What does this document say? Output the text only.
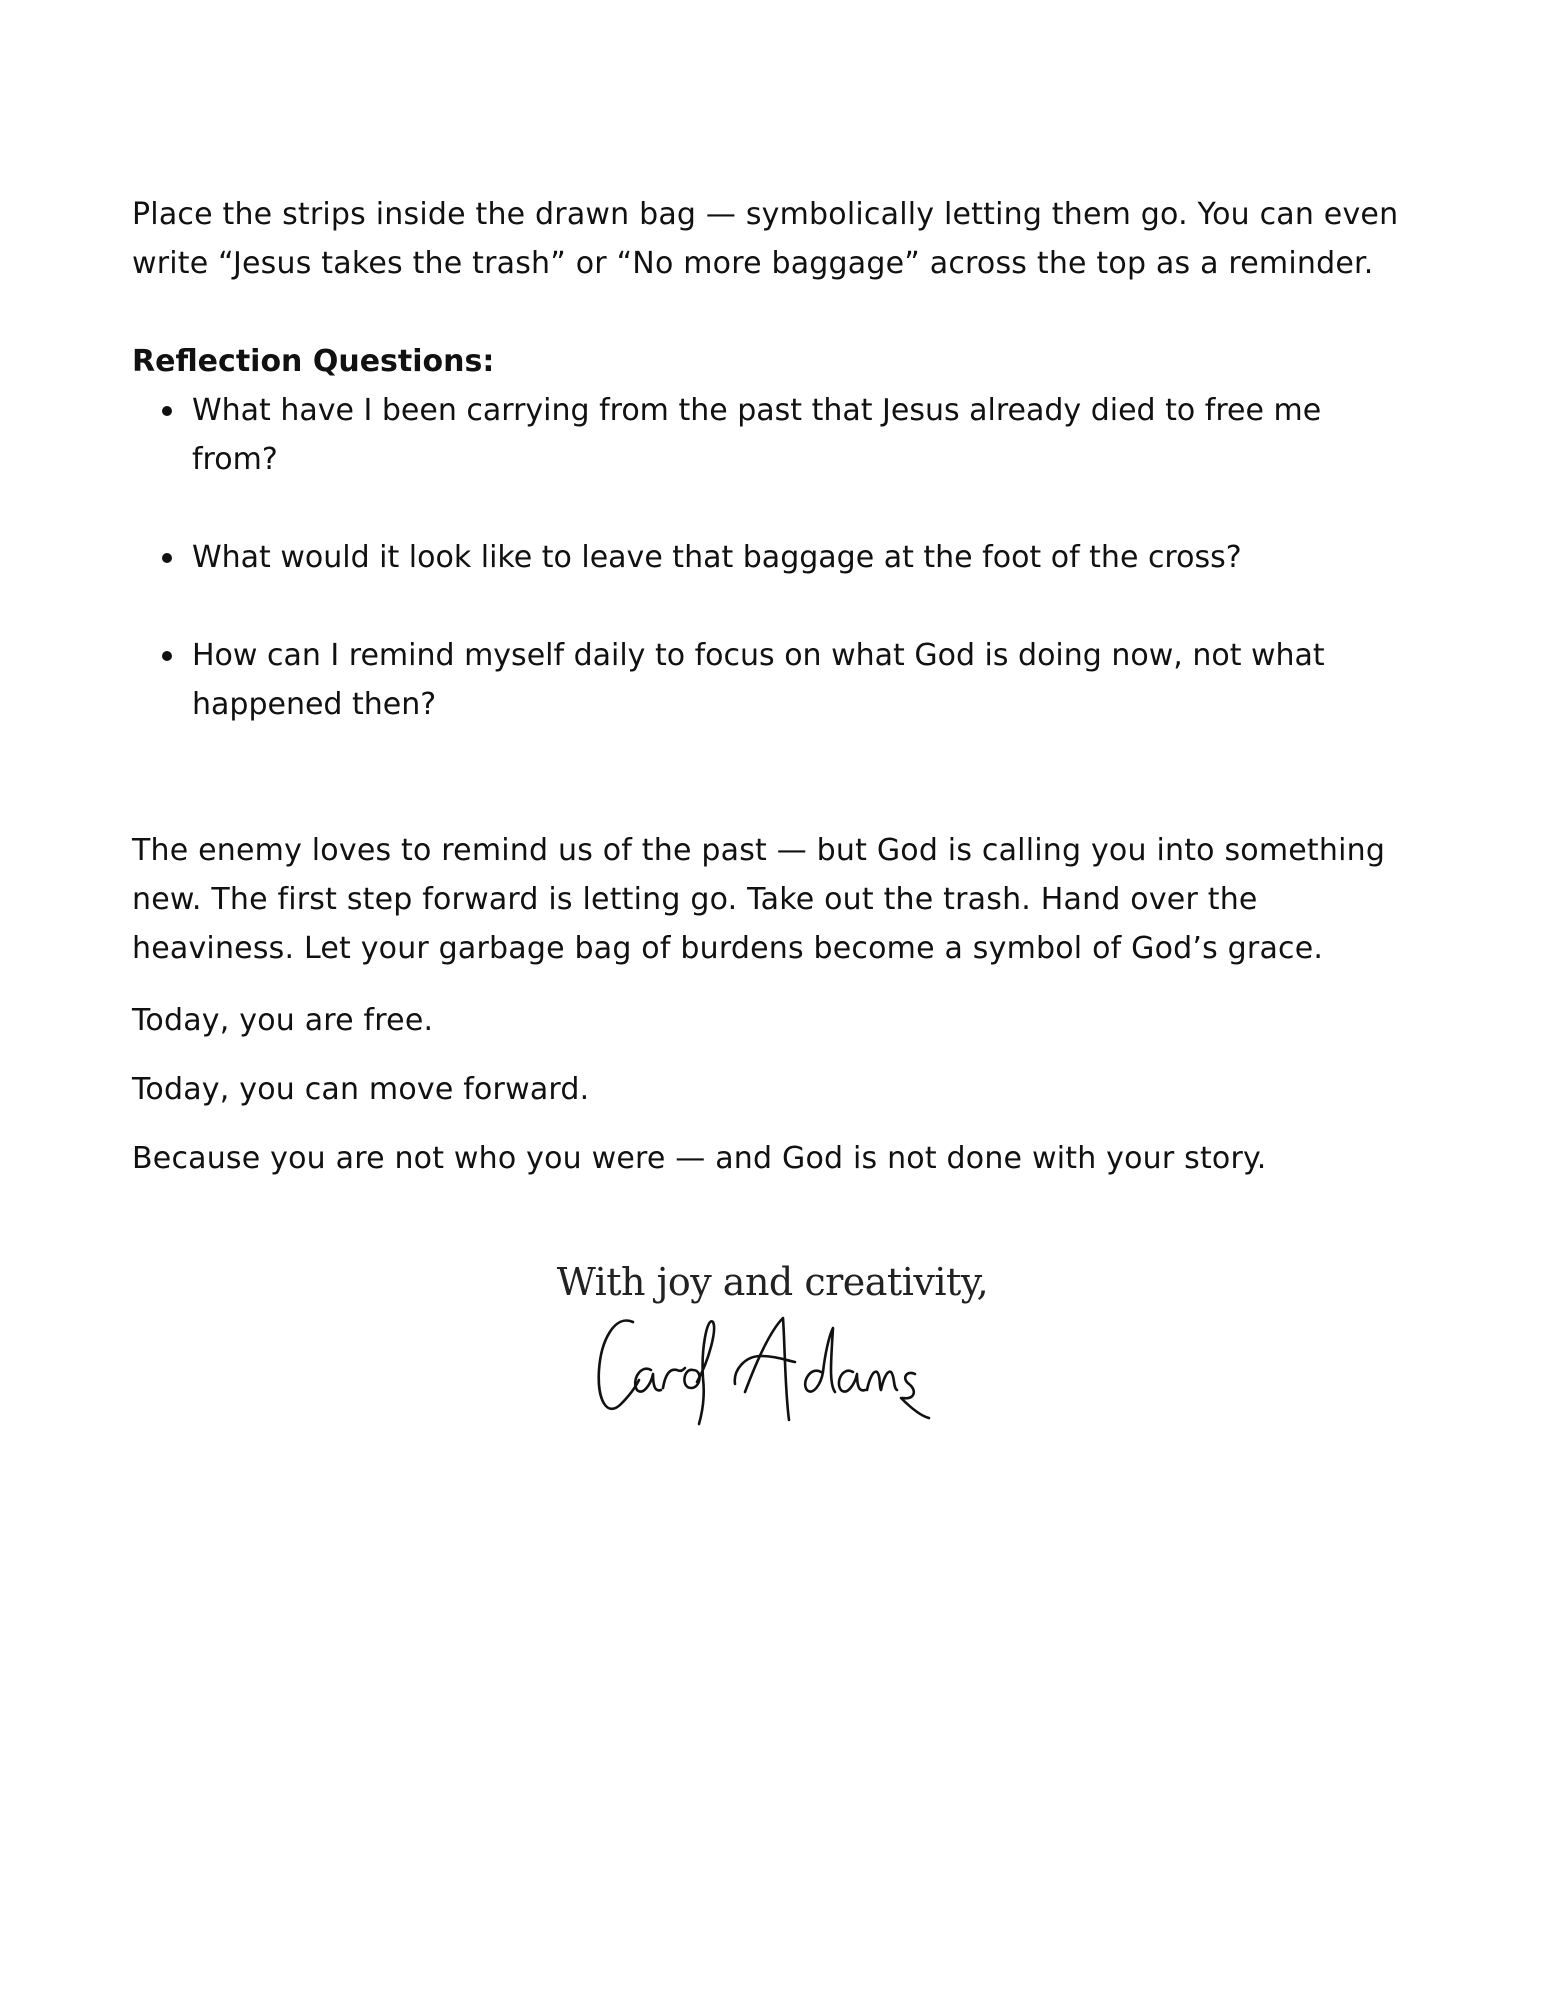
Place the strips inside the drawn bag — symbolically letting them go. You can even write “Jesus takes the trash” or “No more baggage” across the top as a reminder.

Reflection Questions:

What have I been carrying from the past that Jesus already died to free me from?
What would it look like to leave that baggage at the foot of the cross?
How can I remind myself daily to focus on what God is doing now, not what happened then?

The enemy loves to remind us of the past — but God is calling you into something new. The first step forward is letting go. Take out the trash. Hand over the heaviness. Let your garbage bag of burdens become a symbol of God’s grace.

Today, you are free.

Today, you can move forward.

Because you are not who you were — and God is not done with your story.

With joy and creativity,
